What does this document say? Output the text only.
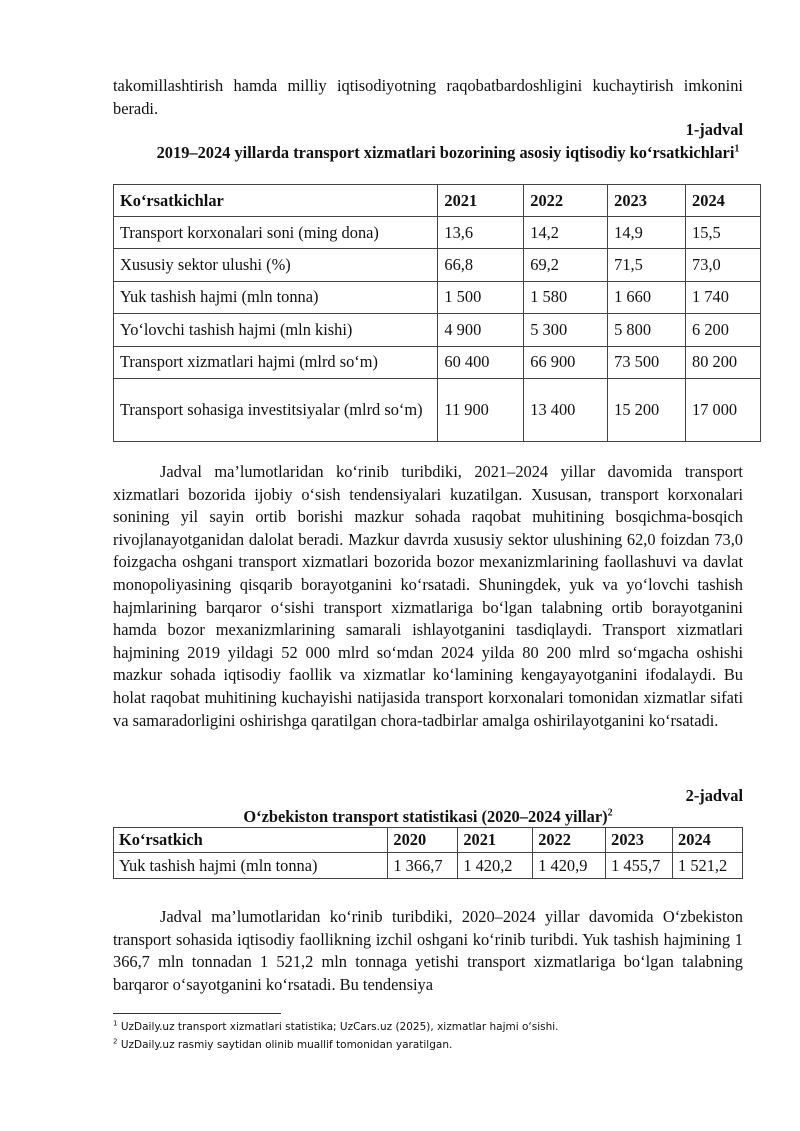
takomillashtirish hamda milliy iqtisodiyotning raqobatbardoshligini kuchaytirish imkonini beradi.

1-jadval
2019–2024 yillarda transport xizmatlari bozorining asosiy iqtisodiy ko‘rsatkichlari$^1$
Ko‘rsatkichlar	2021	2022	2023	2024
Transport korxonalari soni (ming dona)	13,6	14,2	14,9	15,5
Xususiy sektor ulushi (%)	66,8	69,2	71,5	73,0
Yuk tashish hajmi (mln tonna)	1 500	1 580	1 660	1 740
Yo‘lovchi tashish hajmi (mln kishi)	4 900	5 300	5 800	6 200
Transport xizmatlari hajmi (mlrd so‘m)	60 400	66 900	73 500	80 200
Transport sohasiga investitsiyalar (mlrd so‘m)	11 900	13 400	15 200	17 000

Jadval ma’lumotlaridan ko‘rinib turibdiki, 2021–2024 yillar davomida transport xizmatlari bozorida ijobiy o‘sish tendensiyalari kuzatilgan. Xususan, transport korxonalari sonining yil sayin ortib borishi mazkur sohada raqobat muhitining bosqichma-bosqich rivojlanayotganidan dalolat beradi. Mazkur davrda xususiy sektor ulushining 62,0 foizdan 73,0 foizgacha oshgani transport xizmatlari bozorida bozor mexanizmlarining faollashuvi va davlat monopoliyasining qisqarib borayotganini ko‘rsatadi. Shuningdek, yuk va yo‘lovchi tashish hajmlarining barqaror o‘sishi transport xizmatlariga bo‘lgan talabning ortib borayotganini hamda bozor mexanizmlarining samarali ishlayotganini tasdiqlaydi. Transport xizmatlari hajmining 2019 yildagi 52 000 mlrd so‘mdan 2024 yilda 80 200 mlrd so‘mgacha oshishi mazkur sohada iqtisodiy faollik va xizmatlar ko‘lamining kengayayotganini ifodalaydi. Bu holat raqobat muhitining kuchayishi natijasida transport korxonalari tomonidan xizmatlar sifati va samaradorligini oshirishga qaratilgan chora-tadbirlar amalga oshirilayotganini ko‘rsatadi.

2-jadval
O‘zbekiston transport statistikasi (2020–2024 yillar)$^2$
Ko‘rsatkich	2020	2021	2022	2023	2024
Yuk tashish hajmi (mln tonna)	1 366,7	1 420,2	1 420,9	1 455,7	1 521,2

Jadval ma’lumotlaridan ko‘rinib turibdiki, 2020–2024 yillar davomida O‘zbekiston transport sohasida iqtisodiy faollikning izchil oshgani ko‘rinib turibdi. Yuk tashish hajmining 1 366,7 mln tonnadan 1 521,2 mln tonnaga yetishi transport xizmatlariga bo‘lgan talabning barqaror o‘sayotganini ko‘rsatadi. Bu tendensiya

$^1$ UzDaily.uz transport xizmatlari statistika; UzCars.uz (2025), xizmatlar hajmi o‘sishi.
$^2$ UzDaily.uz rasmiy saytidan olinib muallif tomonidan yaratilgan.
